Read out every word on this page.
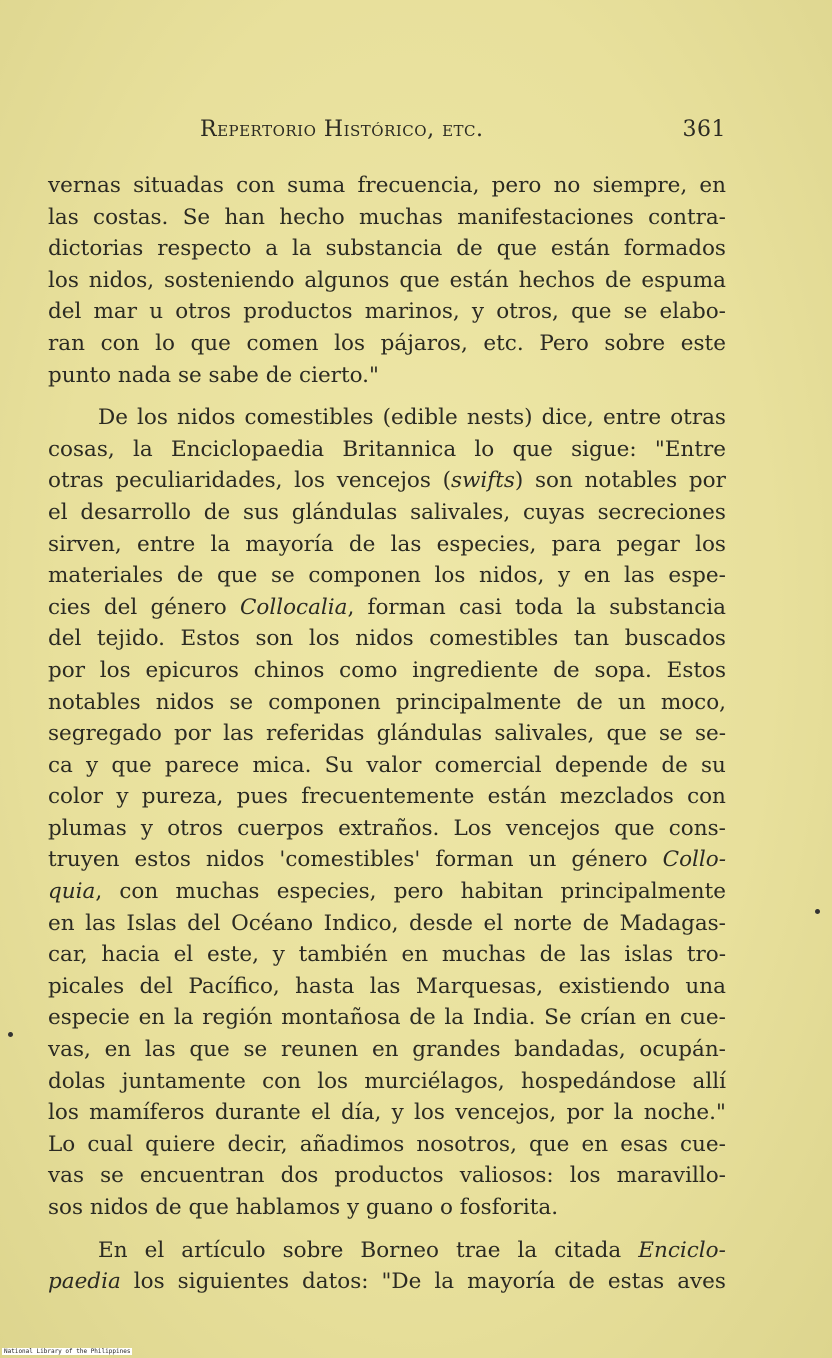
Repertorio Histórico, etc.	361
vernas situadas con suma frecuencia, pero no siempre, en
las costas. Se han hecho muchas manifestaciones contra-
dictorias respecto a la substancia de que están formados
los nidos, sosteniendo algunos que están hechos de espuma
del mar u otros productos marinos, y otros, que se elabo-
ran con lo que comen los pájaros, etc. Pero sobre este
punto nada se sabe de cierto."
De los nidos comestibles (edible nests) dice, entre otras
cosas, la Enciclopaedia Britannica lo que sigue: "Entre
otras peculiaridades, los vencejos (swifts) son notables por
el desarrollo de sus glándulas salivales, cuyas secreciones
sirven, entre la mayoría de las especies, para pegar los
materiales de que se componen los nidos, y en las espe-
cies del género Collocalia, forman casi toda la substancia
del tejido. Estos son los nidos comestibles tan buscados
por los epicuros chinos como ingrediente de sopa. Estos
notables nidos se componen principalmente de un moco,
segregado por las referidas glándulas salivales, que se se-
ca y que parece mica. Su valor comercial depende de su
color y pureza, pues frecuentemente están mezclados con
plumas y otros cuerpos extraños. Los vencejos que cons-
truyen estos nidos 'comestibles' forman un género Collo-
quia, con muchas especies, pero habitan principalmente
en las Islas del Océano Indico, desde el norte de Madagas-
car, hacia el este, y también en muchas de las islas tro-
picales del Pacífico, hasta las Marquesas, existiendo una
especie en la región montañosa de la India. Se crían en cue-
vas, en las que se reunen en grandes bandadas, ocupán-
dolas juntamente con los murciélagos, hospedándose allí
los mamíferos durante el día, y los vencejos, por la noche."
Lo cual quiere decir, añadimos nosotros, que en esas cue-
vas se encuentran dos productos valiosos: los maravillo-
sos nidos de que hablamos y guano o fosforita.
En el artículo sobre Borneo trae la citada Enciclo-
paedia los siguientes datos: "De la mayoría de estas aves
National Library of the Philippines
